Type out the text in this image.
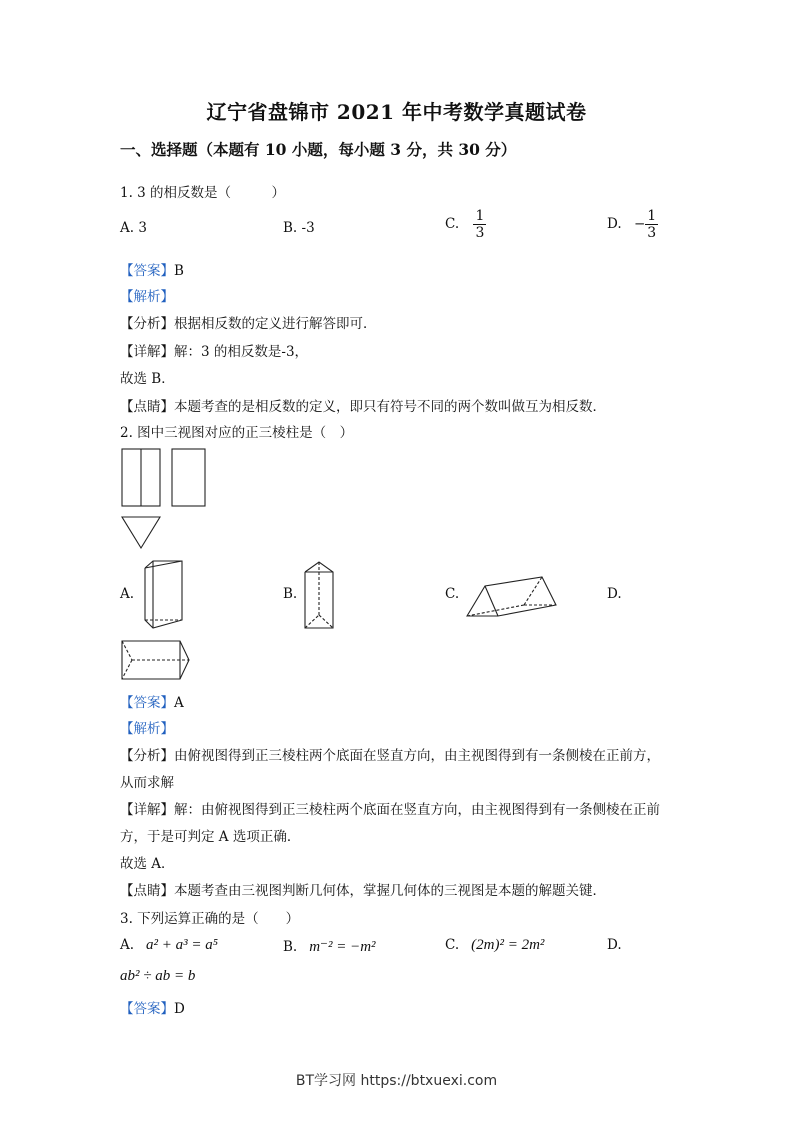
辽宁省盘锦市 2021 年中考数学真题试卷
一、选择题（本题有 10 小题，每小题 3 分，共 30 分）
1. 3 的相反数是（　　　）
A. 3	B. -3	C. $\frac{1}{3}$	D. − $\frac{1}{3}$
【答案】B
【解析】
【分析】根据相反数的定义进行解答即可．
【详解】解：3 的相反数是-3，
故选 B．
【点睛】本题考查的是相反数的定义，即只有符号不同的两个数叫做互为相反数．
2. 图中三视图对应的正三棱柱是（　）
A.	B.	C.	D.
【答案】A
【解析】
【分析】由俯视图得到正三棱柱两个底面在竖直方向，由主视图得到有一条侧棱在正前方，
从而求解
【详解】解：由俯视图得到正三棱柱两个底面在竖直方向，由主视图得到有一条侧棱在正前
方，于是可判定 A 选项正确．
故选 A．
【点睛】本题考查由三视图判断几何体，掌握几何体的三视图是本题的解题关键．
3. 下列运算正确的是（　　）
A. a² + a³ = a⁵	B. m⁻² = −m²	C. (2m)² = 2m²	D.
ab² ÷ ab = b
【答案】D
BT学习网 https://btxuexi.com
